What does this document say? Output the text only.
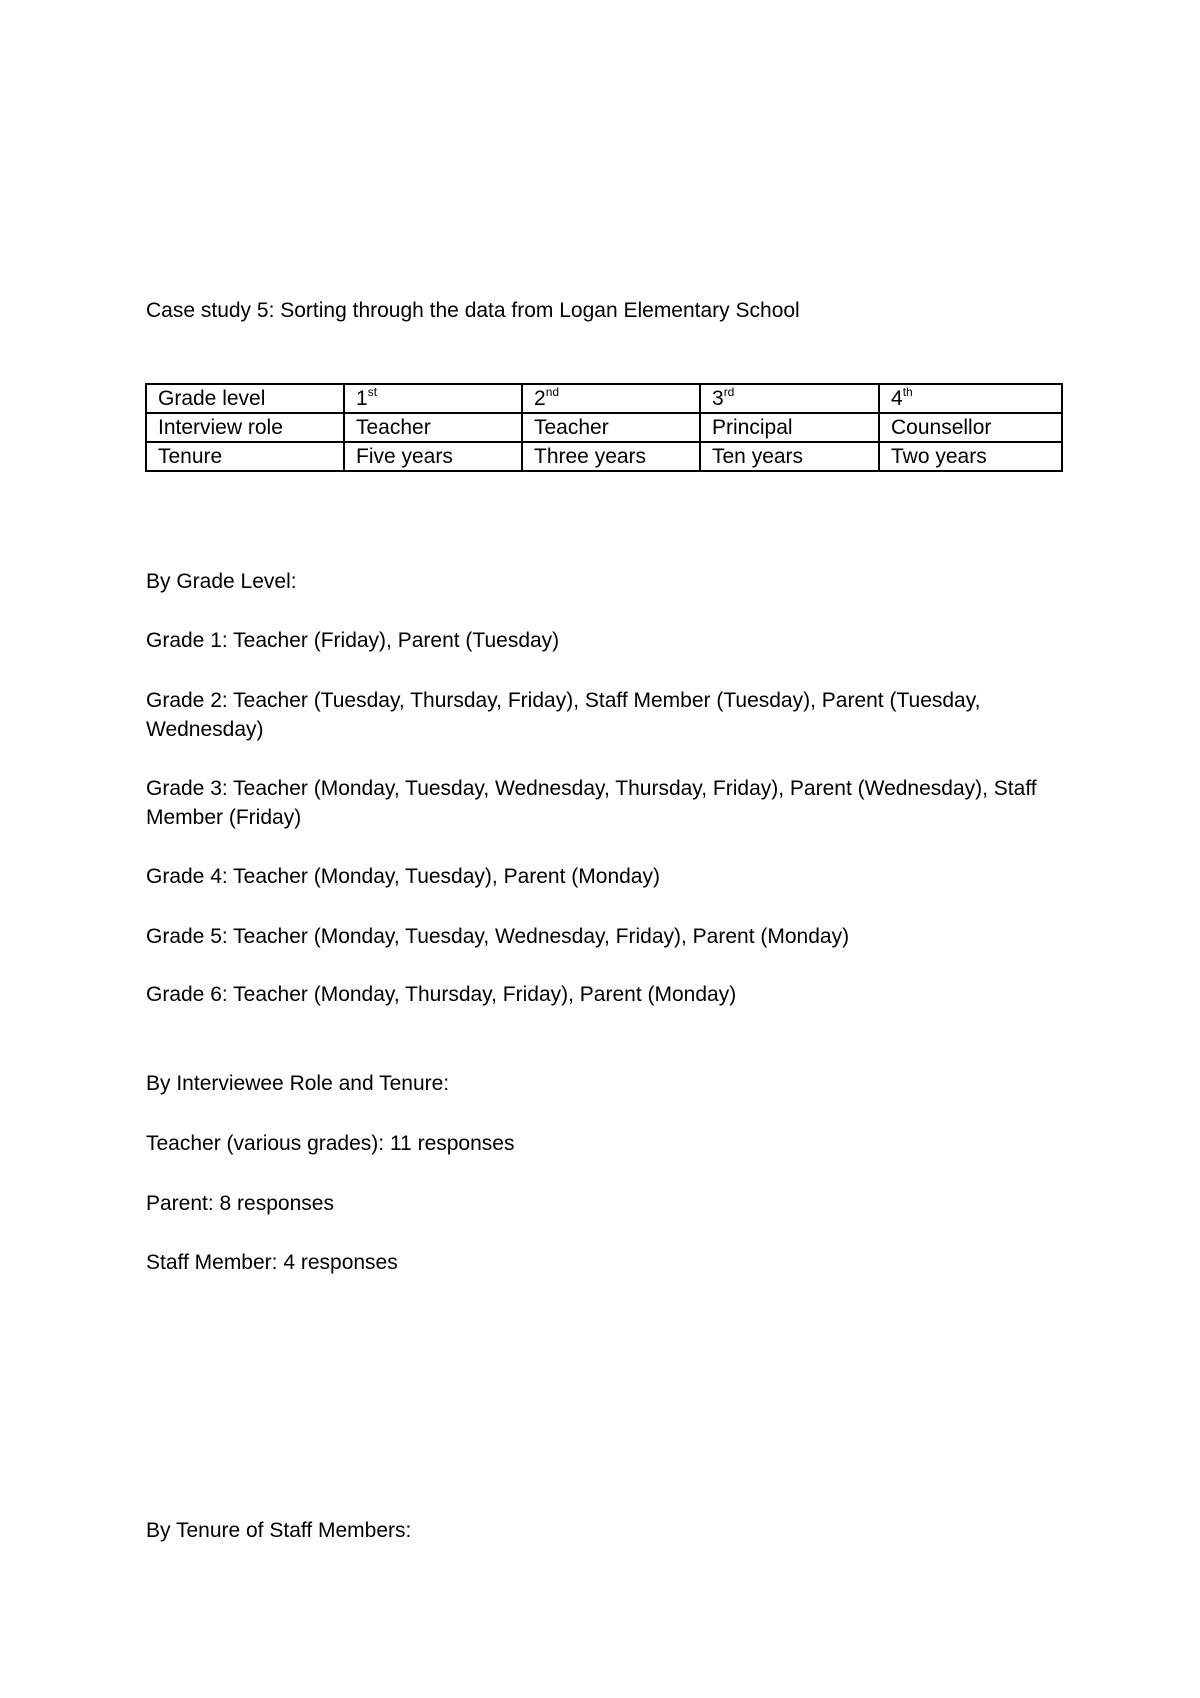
Case study 5: Sorting through the data from Logan Elementary School

Grade level	1st	2nd	3rd	4th
Interview role	Teacher	Teacher	Principal	Counsellor
Tenure	Five years	Three years	Ten years	Two years

By Grade Level:

Grade 1: Teacher (Friday), Parent (Tuesday)

Grade 2: Teacher (Tuesday, Thursday, Friday), Staff Member (Tuesday), Parent (Tuesday, Wednesday)

Grade 3: Teacher (Monday, Tuesday, Wednesday, Thursday, Friday), Parent (Wednesday), Staff Member (Friday)

Grade 4: Teacher (Monday, Tuesday), Parent (Monday)

Grade 5: Teacher (Monday, Tuesday, Wednesday, Friday), Parent (Monday)

Grade 6: Teacher (Monday, Thursday, Friday), Parent (Monday)

By Interviewee Role and Tenure:

Teacher (various grades): 11 responses

Parent: 8 responses

Staff Member: 4 responses

By Tenure of Staff Members:
